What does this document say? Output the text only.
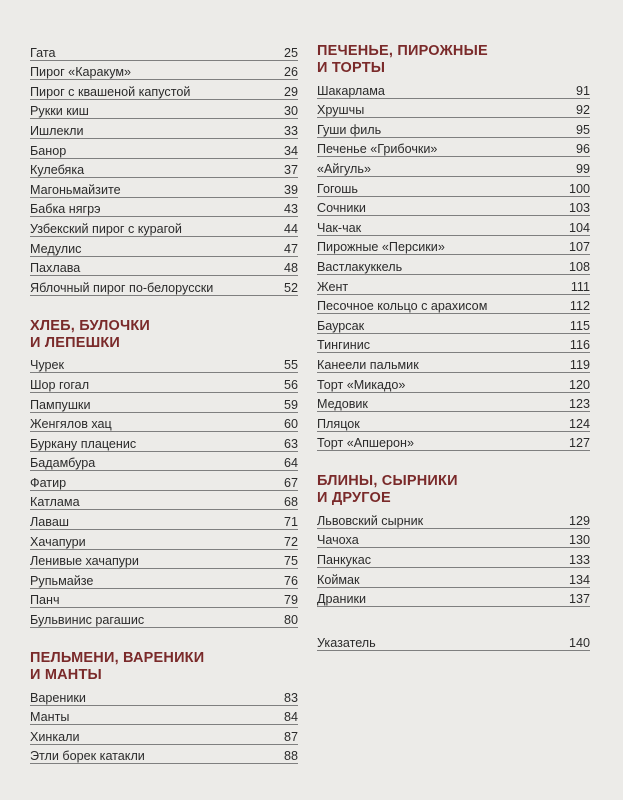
Гата	25
Пирог «Каракум»	26
Пирог с квашеной капустой	29
Рукки киш	30
Ишлекли	33
Банор	34
Кулебяка	37
Магоньмайзите	39
Бабка нягрэ	43
Узбекский пирог с курагой	44
Медулис	47
Пахлава	48
Яблочный пирог по-белорусски	52
ХЛЕБ, БУЛОЧКИ
И ЛЕПЕШКИ
Чурек	55
Шор гогал	56
Пампушки	59
Женгялов хац	60
Буркану плаценис	63
Бадамбура	64
Фатир	67
Катлама	68
Лаваш	71
Хачапури	72
Ленивые хачапури	75
Рупьмайзе	76
Панч	79
Бульвинис рагашис	80
ПЕЛЬМЕНИ, ВАРЕНИКИ
И МАНТЫ
Вареники	83
Манты	84
Хинкали	87
Этли борек катакли	88
ПЕЧЕНЬЕ, ПИРОЖНЫЕ
И ТОРТЫ
Шакарлама	91
Хрушчы	92
Гуши филь	95
Печенье «Грибочки»	96
«Айгуль»	99
Гогошь	100
Сочники	103
Чак-чак	104
Пирожные «Персики»	107
Вастлакуккель	108
Жент	111
Песочное кольцо с арахисом	112
Баурсак	115
Тингинис	116
Канеели пальмик	119
Торт «Микадо»	120
Медовик	123
Пляцок	124
Торт «Апшерон»	127
БЛИНЫ, СЫРНИКИ
И ДРУГОЕ
Львовский сырник	129
Чачоха	130
Панкукас	133
Коймак	134
Драники	137
Указатель	140
